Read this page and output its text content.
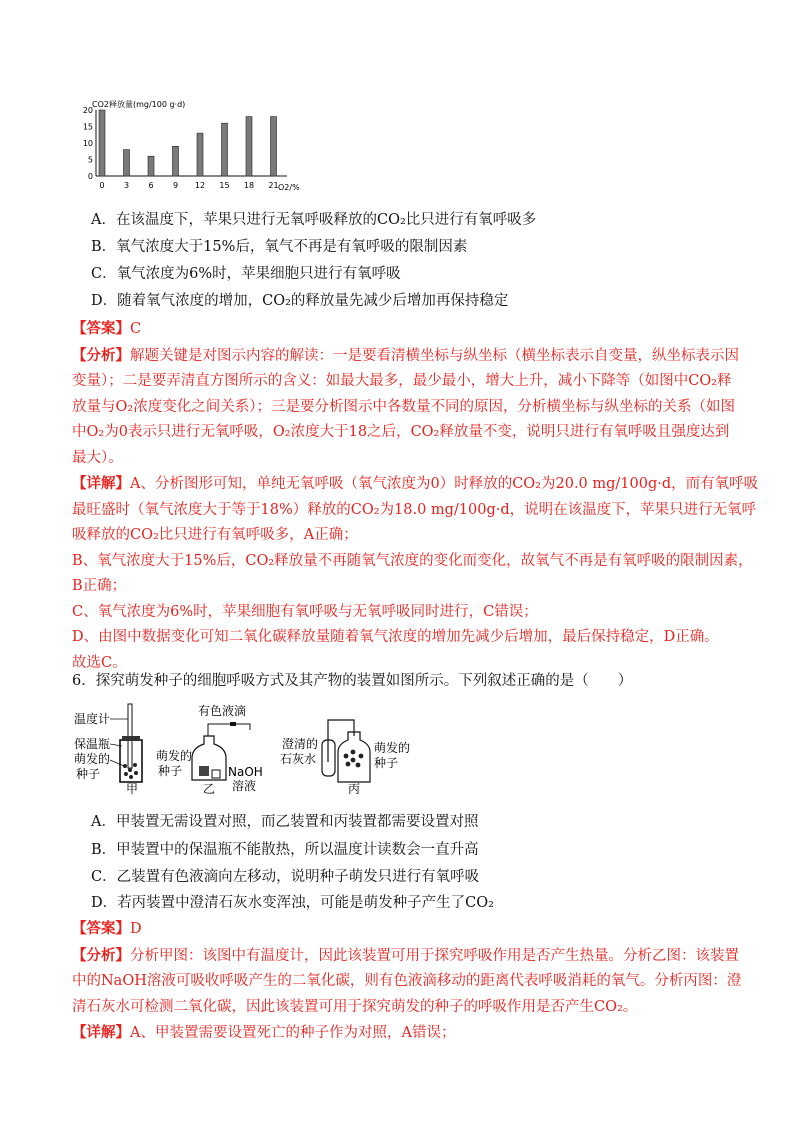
CO2释放量(mg/100 g·d)
0
5
10
15
20
0 3 6 9 12 15 18 21 O2/%
A．在该温度下，苹果只进行无氧呼吸释放的CO₂比只进行有氧呼吸多
B．氧气浓度大于15%后，氧气不再是有氧呼吸的限制因素
C．氧气浓度为6%时，苹果细胞只进行有氧呼吸
D．随着氧气浓度的增加，CO₂的释放量先减少后增加再保持稳定

【答案】C

【分析】解题关键是对图示内容的解读：一是要看清横坐标与纵坐标（横坐标表示自变量，纵坐标表示因

变量）；二是要弄清直方图所示的含义：如最大最多，最少最小，增大上升，减小下降等（如图中CO₂释

放量与O₂浓度变化之间关系）；三是要分析图示中各数量不同的原因，分析横坐标与纵坐标的关系（如图

中O₂为0表示只进行无氧呼吸，O₂浓度大于18之后，CO₂释放量不变，说明只进行有氧呼吸且强度达到

最大）。

【详解】A、分析图形可知，单纯无氧呼吸（氧气浓度为0）时释放的CO₂为20.0 mg/100g·d，而有氧呼吸

最旺盛时（氧气浓度大于等于18%）释放的CO₂为18.0 mg/100g·d，说明在该温度下，苹果只进行无氧呼

吸释放的CO₂比只进行有氧呼吸多，A正确；

B、氧气浓度大于15%后，CO₂释放量不再随氧气浓度的变化而变化，故氧气不再是有氧呼吸的限制因素，

B正确；

C、氧气浓度为6%时，苹果细胞有氧呼吸与无氧呼吸同时进行，C错误；

D、由图中数据变化可知二氧化碳释放量随着氧气浓度的增加先减少后增加，最后保持稳定，D正确。

故选C。

6．探究萌发种子的细胞呼吸方式及其产物的装置如图所示。下列叙述正确的是（　　）
温度计
保温瓶
萌发的
种子
甲
有色液滴
萌发的
种子	NaOH
溶液
乙
澄清的
石灰水
萌发的
种子
丙
A．甲装置无需设置对照，而乙装置和丙装置都需要设置对照
B．甲装置中的保温瓶不能散热，所以温度计读数会一直升高
C．乙装置有色液滴向左移动，说明种子萌发只进行有氧呼吸
D．若丙装置中澄清石灰水变浑浊，可能是萌发种子产生了CO₂

【答案】D

【分析】分析甲图：该图中有温度计，因此该装置可用于探究呼吸作用是否产生热量。分析乙图：该装置

中的NaOH溶液可吸收呼吸产生的二氧化碳，则有色液滴移动的距离代表呼吸消耗的氧气。分析丙图：澄

清石灰水可检测二氧化碳，因此该装置可用于探究萌发的种子的呼吸作用是否产生CO₂。

【详解】A、甲装置需要设置死亡的种子作为对照，A错误；
